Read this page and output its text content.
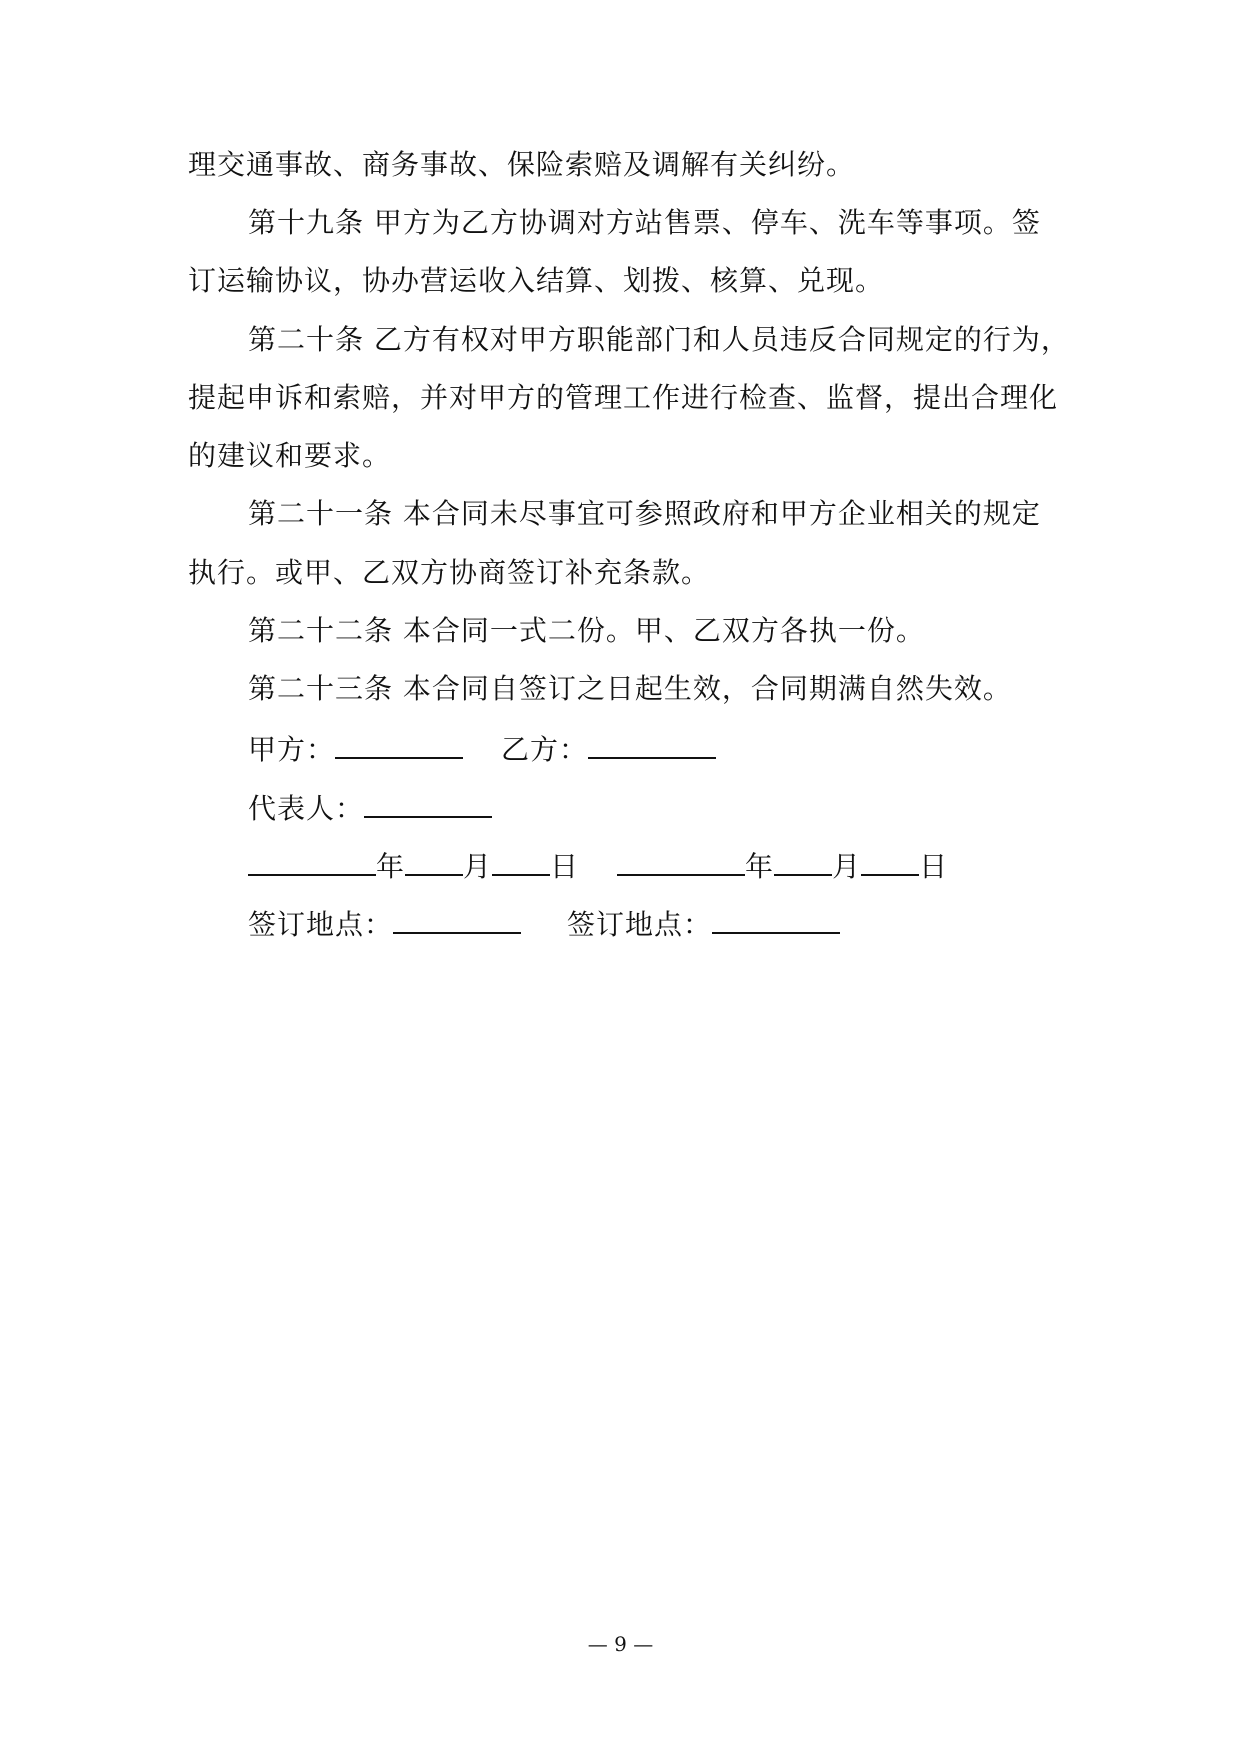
理交通事故、商务事故、保险索赔及调解有关纠纷。
第十九条 甲方为乙方协调对方站售票、停车、洗车等事项。签
订运输协议，协办营运收入结算、划拨、核算、兑现。
第二十条 乙方有权对甲方职能部门和人员违反合同规定的行为，
提起申诉和索赔，并对甲方的管理工作进行检查、监督，提出合理化
的建议和要求。
第二十一条 本合同未尽事宜可参照政府和甲方企业相关的规定
执行。或甲、乙双方协商签订补充条款。
第二十二条 本合同一式二份。甲、乙双方各执一份。
第二十三条 本合同自签订之日起生效，合同期满自然失效。
甲方：	乙方：
代表人：
年 月 日	年 月 日
签订地点：	签订地点：
— 9 —
